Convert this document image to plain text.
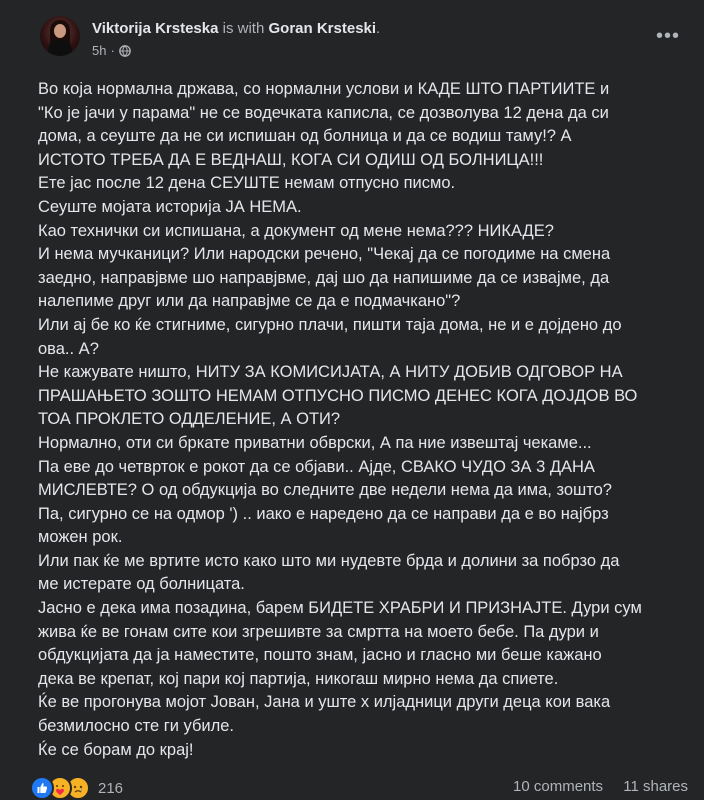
Viktorija Krsteska is with Goran Krsteski.
5h ·
•••
Во која нормална држава, со нормални услови и КАДЕ ШТО ПАРТИИТЕ и
"Ко је јачи у парама" не се водечката каписла, се дозволува 12 дена да си
дома, а сеуште да не си испишан од болница и да се водиш таму!? А
ИСТОТО ТРЕБА ДА Е ВЕДНАШ, КОГА СИ ОДИШ ОД БОЛНИЦА!!!
Ете јас после 12 дена СЕУШТЕ немам отпусно писмо.
Сеуште мојата историја ЈА НЕМА.
Као технички си испишана, а документ од мене нема??? НИКАДЕ?
И нема мучканици? Или народски речено, "Чекај да се погодиме на смена
заедно, направјвме шо направјвме, дај шо да напишиме да се извајме, да
налепиме друг или да направјме се да е подмачкано"?
Или ај бе ко ќе стигниме, сигурно плачи, пишти таја дома, не и е дојдено до
ова.. А?
Не кажувате ништо, НИТУ ЗА КОМИСИЈАТА, А НИТУ ДОБИВ ОДГОВОР НА
ПРАШАЊЕТО ЗОШТО НЕМАМ ОТПУСНО ПИСМО ДЕНЕС КОГА ДОЈДОВ ВО
ТОА ПРОКЛЕТО ОДДЕЛЕНИЕ, А ОТИ?
Нормално, оти си бркате приватни обврски, А па ние извештај чекаме...
Па еве до четврток е рокот да се објави.. Ајде, СВАКО ЧУДО ЗА 3 ДАНА
МИСЛЕВТЕ? О од обдукција во следните две недели нема да има, зошто?
Па, сигурно се на одмор ') .. иако е наредено да се направи да е во најбрз
можен рок.
Или пак ќе ме вртите исто како што ми нудевте брда и долини за побрзо да
ме истерате од болницата.
Јасно е дека има позадина, барем БИДЕТЕ ХРАБРИ И ПРИЗНАЈТЕ. Дури сум
жива ќе ве гонам сите кои згрешивте за смртта на моето бебе. Па дури и
обдукцијата да ја наместите, пошто знам, јасно и гласно ми беше кажано
дека ве крепат, кој пари кој партија, никогаш мирно нема да спиете.
Ќе ве прогонува мојот Јован, Јана и уште х илјадници други деца кои вака
безмилосно сте ги убиле.
Ќе се борам до крај!
216	10 comments 11 shares
